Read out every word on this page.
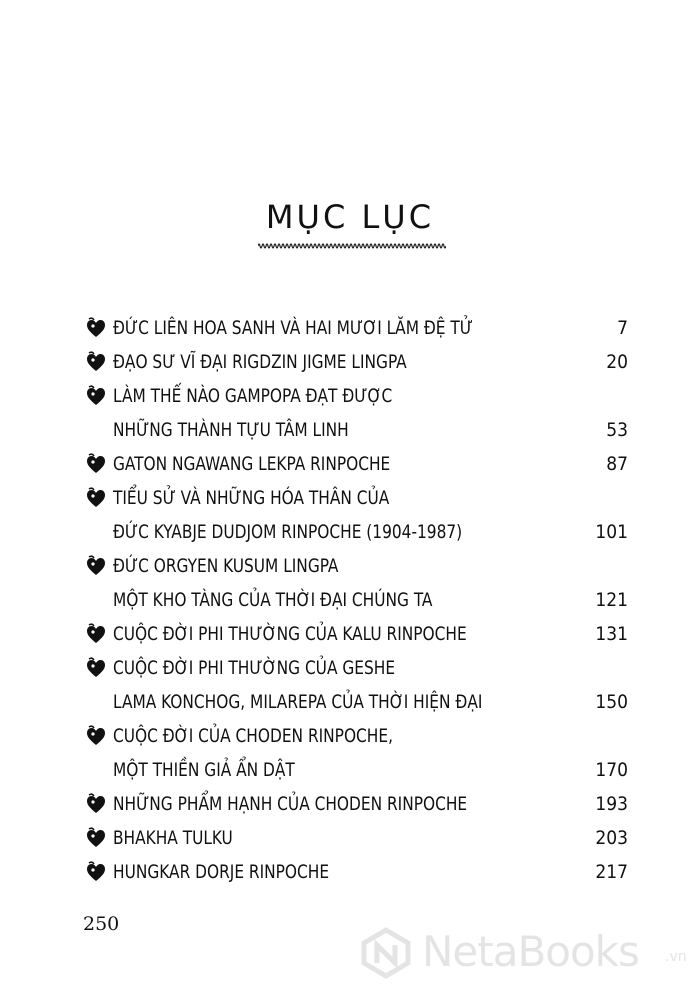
MỤC LỤC
ĐỨC LIÊN HOA SANH VÀ HAI MƯƠI LĂM ĐỆ TỬ	7
ĐẠO SƯ VĨ ĐẠI RIGDZIN JIGME LINGPA	20
LÀM THẾ NÀO GAMPOPA ĐẠT ĐƯỢC
NHỮNG THÀNH TỰU TÂM LINH	53
GATON NGAWANG LEKPA RINPOCHE	87
TIỂU SỬ VÀ NHỮNG HÓA THÂN CỦA
ĐỨC KYABJE DUDJOM RINPOCHE (1904-1987)	101
ĐỨC ORGYEN KUSUM LINGPA
MỘT KHO TÀNG CỦA THỜI ĐẠI CHÚNG TA	121
CUỘC ĐỜI PHI THƯỜNG CỦA KALU RINPOCHE	131
CUỘC ĐỜI PHI THƯỜNG CỦA GESHE
LAMA KONCHOG, MILAREPA CỦA THỜI HIỆN ĐẠI	150
CUỘC ĐỜI CỦA CHODEN RINPOCHE,
MỘT THIỀN GIẢ ẨN DẬT	170
NHỮNG PHẨM HẠNH CỦA CHODEN RINPOCHE	193
BHAKHA TULKU	203
HUNGKAR DORJE RINPOCHE	217
250
NetaBooks .vn
